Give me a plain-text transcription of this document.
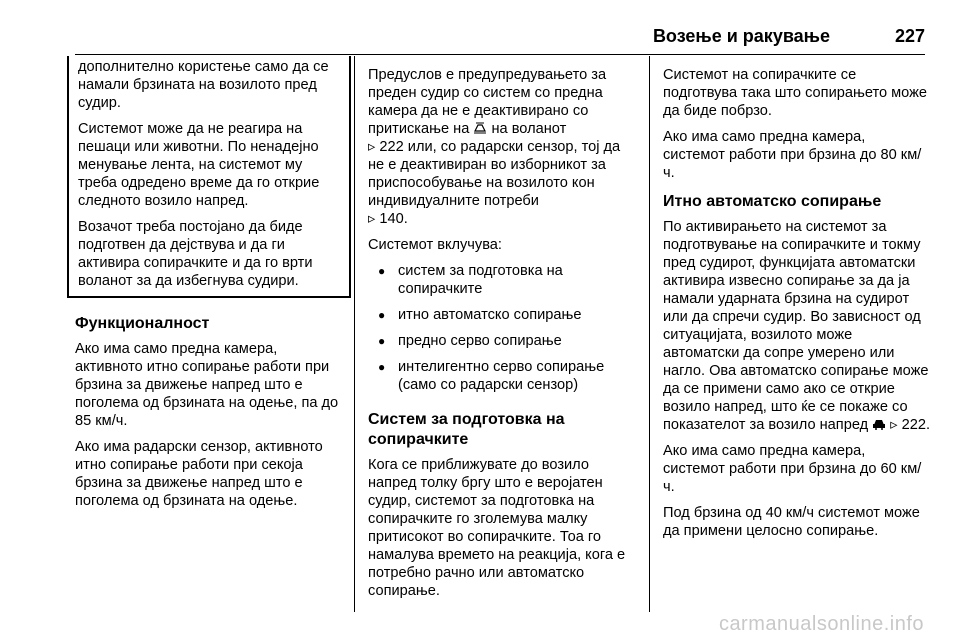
Возење и ракување	227

дополнително користење само да се намали брзината на возилото пред судир.

Системот може да не реагира на пешаци или животни. По ненадејно менување лента, на системот му треба одредено време да го открие следното возило напред.

Возачот треба постојано да биде подготвен да дејствува и да ги активира сопирачките и да го врти воланот за да избегнува судири.

Функционалност

Ако има само предна камера, активното итно сопирање работи при брзина за движење напред што е поголема од брзината на одење, па до 85 км/ч.

Ако има радарски сензор, активното итно сопирање работи при секоја брзина за движење напред што е поголема од брзината на одење.

Предуслов е предупредувањето за преден судир со систем со предна камера да не е деактивирано со притискање на на воланот
▹ 222 или, со радарски сензор, тој да не е деактивиран во изборникот за приспособување на возилото кон индивидуалните потреби
▹ 140.

Системот вклучува:

● систем за подготовка на сопирачките
● итно автоматско сопирање
● предно серво сопирање
● интелигентно серво сопирање (само со радарски сензор)
Систем за подготовка на сопирачките

Кога се приближувате до возило напред толку бргу што е веројатен судир, системот за подготовка на сопирачките го зголемува малку притисокот во сопирачките. Тоа го намалува времето на реакција, кога е потребно рачно или автоматско сопирање.

Системот на сопирачките се подготвува така што сопирањето може да биде побрзо.

Ако има само предна камера, системот работи при брзина до 80 км/ч.

Итно автоматско сопирање

По активирањето на системот за подготвување на сопирачките и токму пред судирот, функцијата автоматски активира извесно сопирање за да ја намали ударната брзина на судирот или да спречи судир. Во зависност од ситуацијата, возилото може автоматски да сопре умерено или нагло. Ова автоматско сопирање може да се примени само ако се открие возило напред, што ќе се покаже со показателот за возило напред ▹ 222.

Ако има само предна камера, системот работи при брзина до 60 км/ч.

Под брзина од 40 км/ч системот може да примени целосно сопирање.

carmanualsonline.info
